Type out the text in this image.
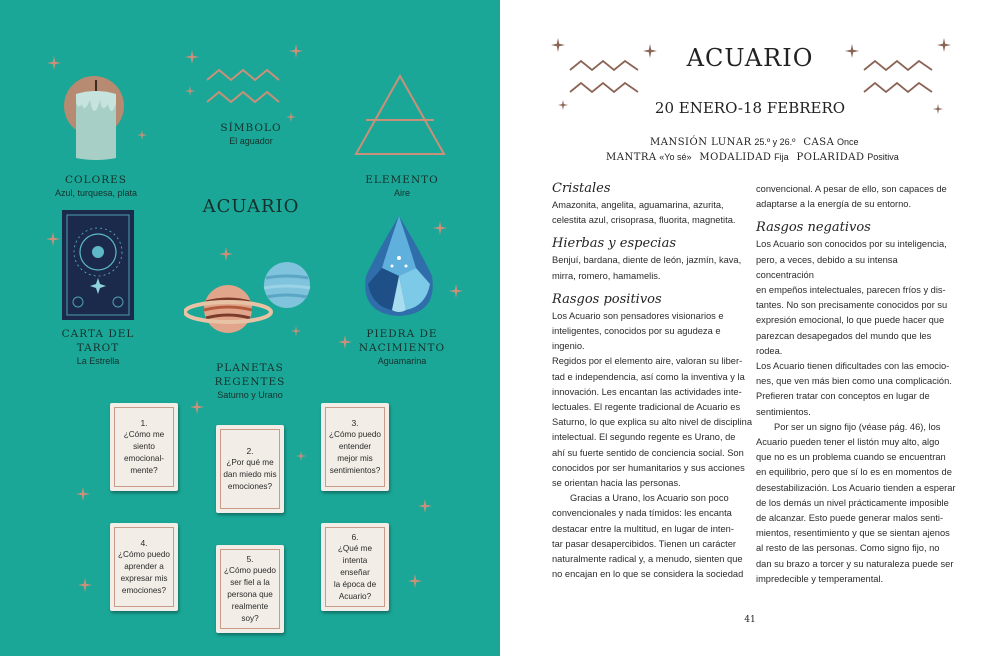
SÍMBOLO
El aguador
COLORES
Azul, turquesa, plata
ELEMENTO
Aire
ACUARIO
CARTA DEL TAROT
La Estrella
PIEDRA DE
NACIMIENTO
Aguamarina
PLANETAS REGENTES
Saturno y Urano
1.
¿Cómo me
siento
emocional-
mente?
2.
¿Por qué me
dan miedo mis
emociones?
3.
¿Cómo puedo
entender
mejor mis
sentimientos?
4.
¿Cómo puedo
aprender a
expresar mis
emociones?
5.
¿Cómo puedo
ser fiel a la
persona que
realmente soy?
6.
¿Qué me
intenta enseñar
la época de
Acuario?
ACUARIO
20 ENERO-18 FEBRERO
MANSIÓN LUNAR 25.º y 26.º CASA Once
MANTRA «Yo sé» MODALIDAD Fija POLARIDAD Positiva
Cristales

Amazonita, angelita, aguamarina, azurita,

celestita azul, crisoprasa, fluorita, magnetita.

Hierbas y especias

Benjuí, bardana, diente de león, jazmín, kava,

mirra, romero, hamamelis.

Rasgos positivos

Los Acuario son pensadores visionarios e

inteligentes, conocidos por su agudeza e ingenio.

Regidos por el elemento aire, valoran su liber-

tad e independencia, así como la inventiva y la

innovación. Les encantan las actividades inte-

lectuales. El regente tradicional de Acuario es

Saturno, lo que explica su alto nivel de disciplina

intelectual. El segundo regente es Urano, de

ahí su fuerte sentido de conciencia social. Son

conocidos por ser humanitarios y sus acciones

se orientan hacia las personas.

Gracias a Urano, los Acuario son poco

convencionales y nada tímidos: les encanta

destacar entre la multitud, en lugar de inten-

tar pasar desapercibidos. Tienen un carácter

naturalmente radical y, a menudo, sienten que

no encajan en lo que se considera la sociedad

convencional. A pesar de ello, son capaces de

adaptarse a la energía de su entorno.

Rasgos negativos

Los Acuario son conocidos por su inteligencia,

pero, a veces, debido a su intensa concentración

en empeños intelectuales, parecen fríos y dis-

tantes. No son precisamente conocidos por su

expresión emocional, lo que puede hacer que

parezcan desapegados del mundo que les rodea.

Los Acuario tienen dificultades con las emocio-

nes, que ven más bien como una complicación.

Prefieren tratar con conceptos en lugar de

sentimientos.

Por ser un signo fijo (véase pág. 46), los

Acuario pueden tener el listón muy alto, algo

que no es un problema cuando se encuentran

en equilibrio, pero que sí lo es en momentos de

desestabilización. Los Acuario tienden a esperar

de los demás un nivel prácticamente imposible

de alcanzar. Esto puede generar malos senti-

mientos, resentimiento y que se sientan ajenos

al resto de las personas. Como signo fijo, no

dan su brazo a torcer y su naturaleza puede ser

impredecible y temperamental.

41
